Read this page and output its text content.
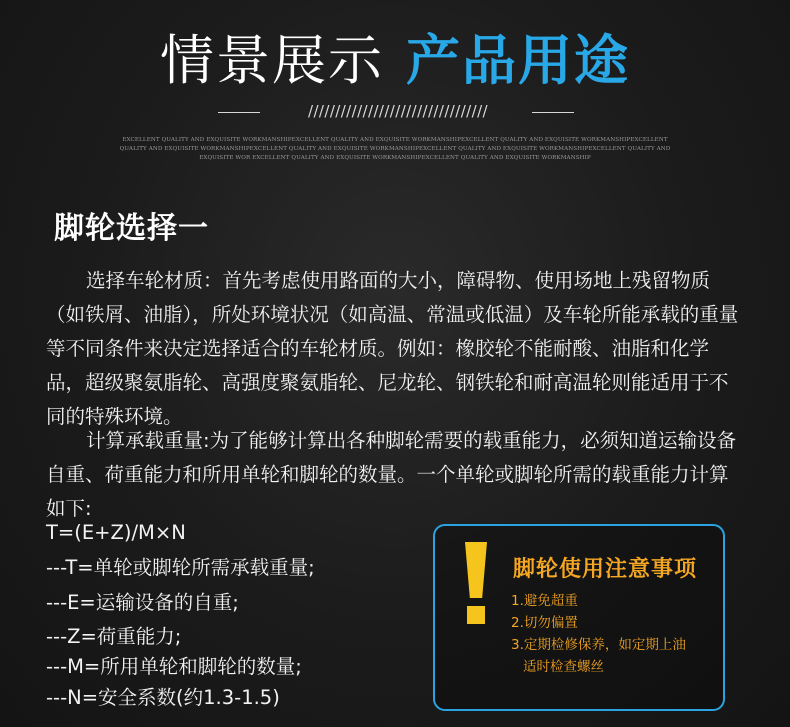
情景展示 产品用途
/////////////////////////////////
EXCELLENT QUALITY AND EXQUISITE WORKMANSHIPEXCELLENT QUALITY AND EXQUISITE WORKMANSHIPEXCELLENT QUALITY AND EXQUISITE WORKMANSHIPEXCELLENT QUALITY AND EXQUISITE WORKMANSHIPEXCELLENT QUALITY AND EXQUISITE WORKMANSHIPEXCELLENT QUALITY AND EXQUISITE WORKMANSHIPEXCELLENT QUALITY AND EXQUISITE WOR EXCELLENT QUALITY AND EXQUISITE WORKMANSHIPEXCELLENT QUALITY AND EXQUISITE WORKMANSHIP
脚轮选择一

选择车轮材质：首先考虑使用路面的大小，障碍物、使用场地上残留物质（如铁屑、油脂），所处环境状况（如高温、常温或低温）及车轮所能承载的重量等不同条件来决定选择适合的车轮材质。例如：橡胶轮不能耐酸、油脂和化学品，超级聚氨脂轮、高强度聚氨脂轮、尼龙轮、钢铁轮和耐高温轮则能适用于不同的特殊环境。

计算承载重量:为了能够计算出各种脚轮需要的载重能力，必须知道运输设备自重、荷重能力和所用单轮和脚轮的数量。一个单轮或脚轮所需的载重能力计算如下:

T=(E+Z)/M×N
---T=单轮或脚轮所需承载重量;
---E=运输设备的自重;
---Z=荷重能力;
---M=所用单轮和脚轮的数量;
---N=安全系数(约1.3-1.5)
脚轮使用注意事项
1.避免超重
2.切勿偏置
3.定期检修保养，如定期上油
适时检查螺丝
